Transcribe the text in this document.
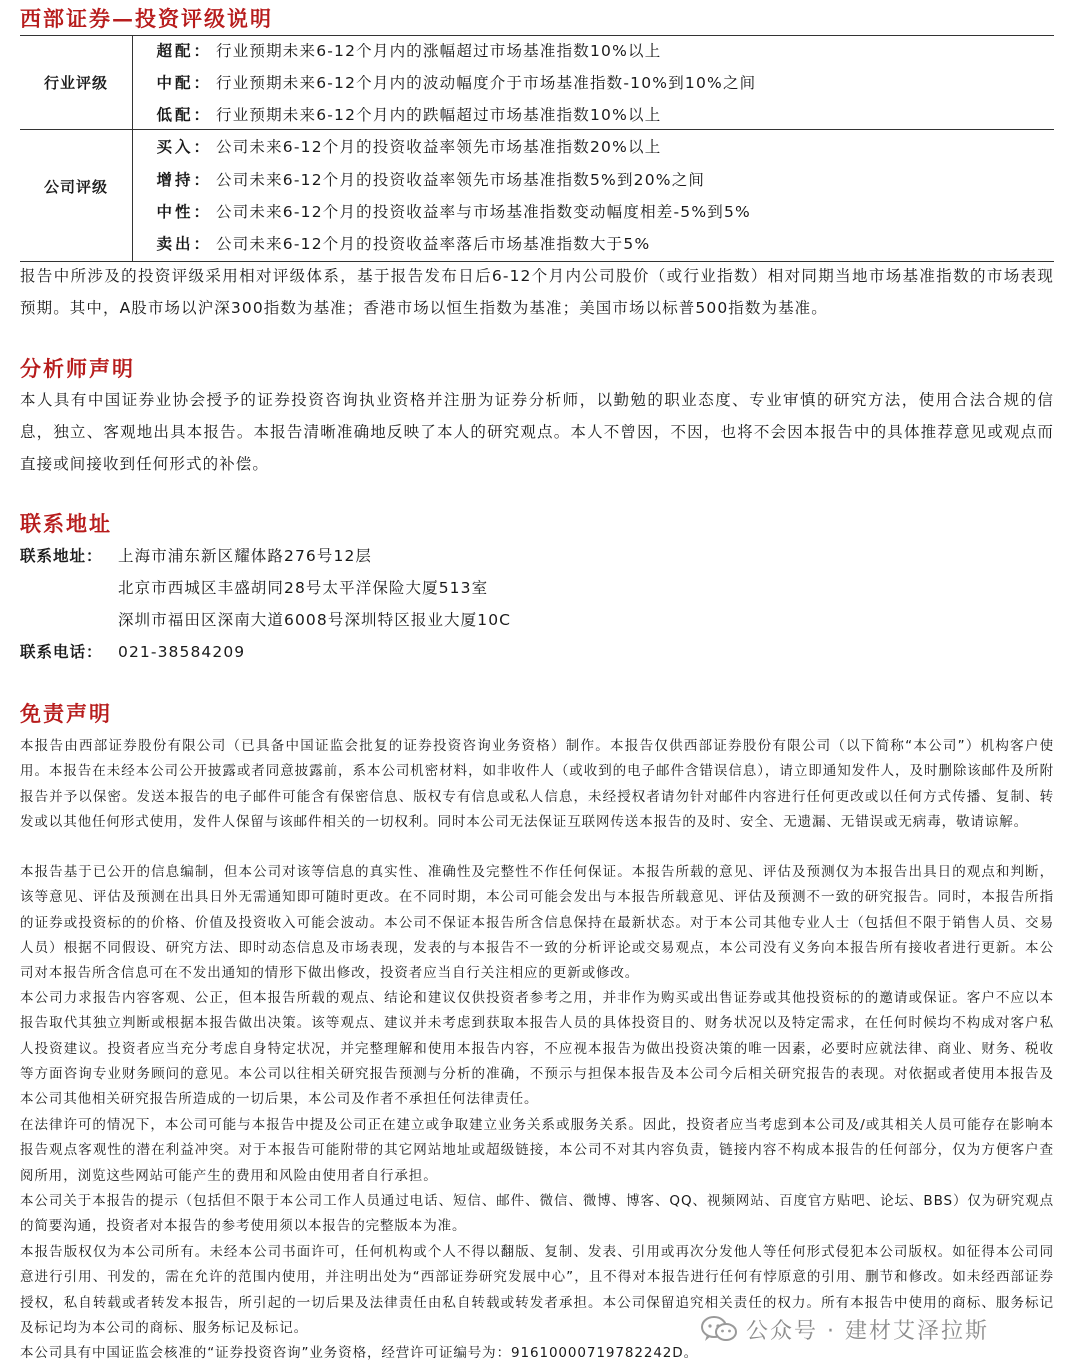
西部证券—投资评级说明
行业评级
公司评级
超配： 行业预期未来6-12个月内的涨幅超过市场基准指数10%以上
中配： 行业预期未来6-12个月内的波动幅度介于市场基准指数-10%到10%之间
低配： 行业预期未来6-12个月内的跌幅超过市场基准指数10%以上
买入： 公司未来6-12个月的投资收益率领先市场基准指数20%以上
增持： 公司未来6-12个月的投资收益率领先市场基准指数5%到20%之间
中性： 公司未来6-12个月的投资收益率与市场基准指数变动幅度相差-5%到5%
卖出： 公司未来6-12个月的投资收益率落后市场基准指数大于5%

报告中所涉及的投资评级采用相对评级体系，基于报告发布日后6-12个月内公司股价（或行业指数）相对同期当地市场基准指数的市场表现预期。其中，A股市场以沪深300指数为基准；香港市场以恒生指数为基准；美国市场以标普500指数为基准。

分析师声明

本人具有中国证券业协会授予的证券投资咨询执业资格并注册为证券分析师，以勤勉的职业态度、专业审慎的研究方法，使用合法合规的信息，独立、客观地出具本报告。本报告清晰准确地反映了本人的研究观点。本人不曾因，不因，也将不会因本报告中的具体推荐意见或观点而直接或间接收到任何形式的补偿。

联系地址
联系地址： 上海市浦东新区耀体路276号12层
北京市西城区丰盛胡同28号太平洋保险大厦513室
深圳市福田区深南大道6008号深圳特区报业大厦10C
联系电话： 021-38584209
免责声明

本报告由西部证券股份有限公司（已具备中国证监会批复的证券投资咨询业务资格）制作。本报告仅供西部证券股份有限公司（以下简称“本公司”）机构客户使用。本报告在未经本公司公开披露或者同意披露前，系本公司机密材料，如非收件人（或收到的电子邮件含错误信息），请立即通知发件人，及时删除该邮件及所附报告并予以保密。发送本报告的电子邮件可能含有保密信息、版权专有信息或私人信息，未经授权者请勿针对邮件内容进行任何更改或以任何方式传播、复制、转发或以其他任何形式使用，发件人保留与该邮件相关的一切权利。同时本公司无法保证互联网传送本报告的及时、安全、无遗漏、无错误或无病毒，敬请谅解。

本报告基于已公开的信息编制，但本公司对该等信息的真实性、准确性及完整性不作任何保证。本报告所载的意见、评估及预测仅为本报告出具日的观点和判断，该等意见、评估及预测在出具日外无需通知即可随时更改。在不同时期，本公司可能会发出与本报告所载意见、评估及预测不一致的研究报告。同时，本报告所指的证券或投资标的的价格、价值及投资收入可能会波动。本公司不保证本报告所含信息保持在最新状态。对于本公司其他专业人士（包括但不限于销售人员、交易人员）根据不同假设、研究方法、即时动态信息及市场表现，发表的与本报告不一致的分析评论或交易观点，本公司没有义务向本报告所有接收者进行更新。本公司对本报告所含信息可在不发出通知的情形下做出修改，投资者应当自行关注相应的更新或修改。

本公司力求报告内容客观、公正，但本报告所载的观点、结论和建议仅供投资者参考之用，并非作为购买或出售证券或其他投资标的的邀请或保证。客户不应以本报告取代其独立判断或根据本报告做出决策。该等观点、建议并未考虑到获取本报告人员的具体投资目的、财务状况以及特定需求，在任何时候均不构成对客户私人投资建议。投资者应当充分考虑自身特定状况，并完整理解和使用本报告内容，不应视本报告为做出投资决策的唯一因素，必要时应就法律、商业、财务、税收等方面咨询专业财务顾问的意见。本公司以往相关研究报告预测与分析的准确，不预示与担保本报告及本公司今后相关研究报告的表现。对依据或者使用本报告及本公司其他相关研究报告所造成的一切后果，本公司及作者不承担任何法律责任。

在法律许可的情况下，本公司可能与本报告中提及公司正在建立或争取建立业务关系或服务关系。因此，投资者应当考虑到本公司及/或其相关人员可能存在影响本报告观点客观性的潜在利益冲突。对于本报告可能附带的其它网站地址或超级链接，本公司不对其内容负责，链接内容不构成本报告的任何部分，仅为方便客户查阅所用，浏览这些网站可能产生的费用和风险由使用者自行承担。

本公司关于本报告的提示（包括但不限于本公司工作人员通过电话、短信、邮件、微信、微博、博客、QQ、视频网站、百度官方贴吧、论坛、BBS）仅为研究观点的简要沟通，投资者对本报告的参考使用须以本报告的完整版本为准。

本报告版权仅为本公司所有。未经本公司书面许可，任何机构或个人不得以翻版、复制、发表、引用或再次分发他人等任何形式侵犯本公司版权。如征得本公司同意进行引用、刊发的，需在允许的范围内使用，并注明出处为“西部证券研究发展中心”，且不得对本报告进行任何有悖原意的引用、删节和修改。如未经西部证券授权，私自转载或者转发本报告，所引起的一切后果及法律责任由私自转载或转发者承担。本公司保留追究相关责任的权力。所有本报告中使用的商标、服务标记及标记均为本公司的商标、服务标记及标记。

本公司具有中国证监会核准的“证券投资咨询”业务资格，经营许可证编号为：91610000719782242D。

公众号 · 建材艾泽拉斯
